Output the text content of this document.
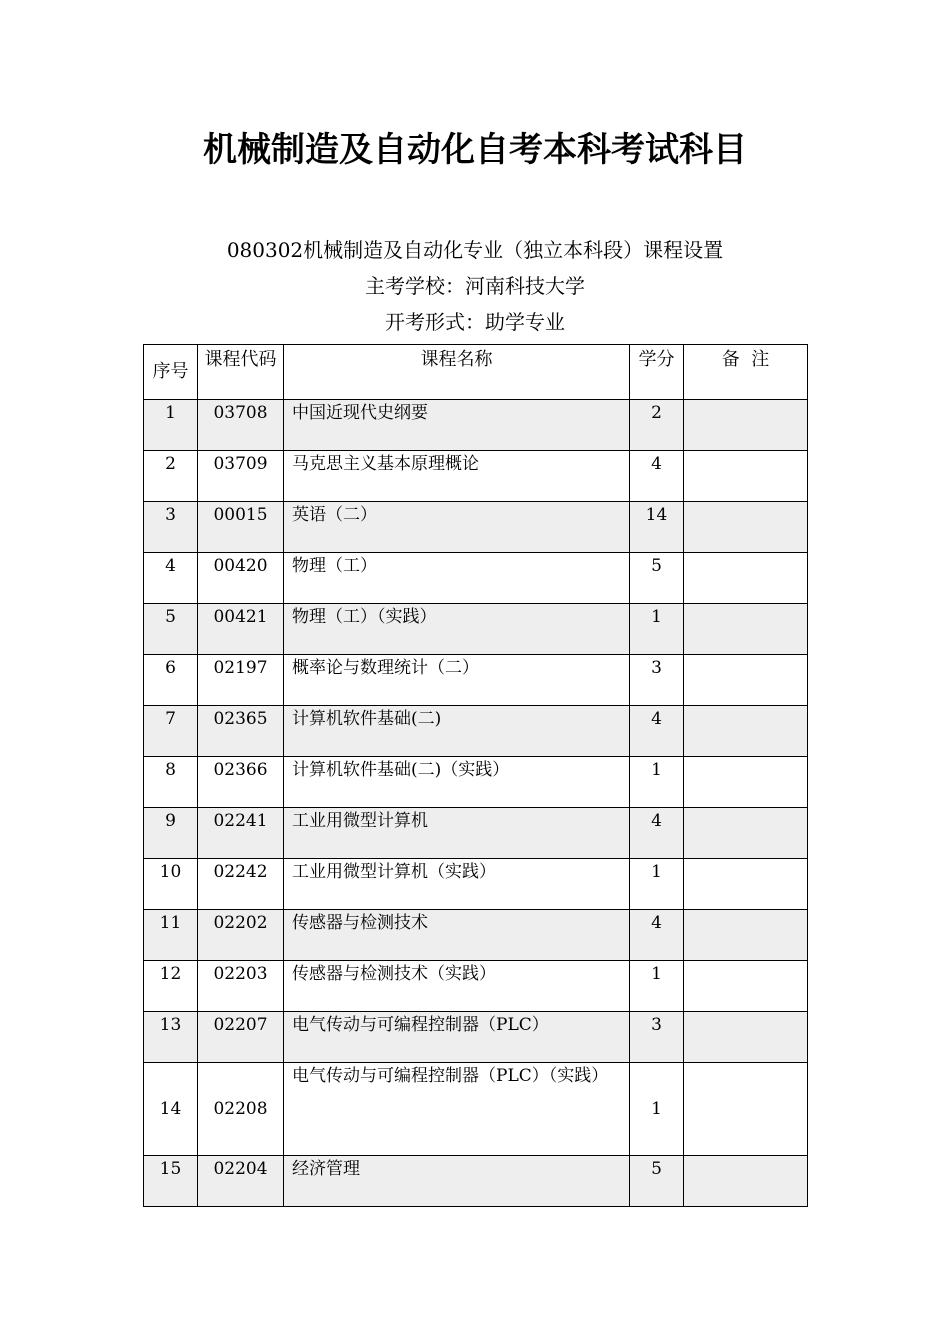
机械制造及自动化自考本科考试科目
080302机械制造及自动化专业（独立本科段）课程设置
主考学校：河南科技大学
开考形式：助学专业
序号	课程代码	课程名称	学分	备  注
1	03708	中国近现代史纲要	2	
2	03709	马克思主义基本原理概论	4	
3	00015	英语（二）	14	
4	00420	物理（工）	5	
5	00421	物理（工）（实践）	1	
6	02197	概率论与数理统计（二）	3	
7	02365	计算机软件基础(二)	4	
8	02366	计算机软件基础(二)（实践）	1	
9	02241	工业用微型计算机	4	
10	02242	工业用微型计算机（实践）	1	
11	02202	传感器与检测技术	4	
12	02203	传感器与检测技术（实践）	1	
13	02207	电气传动与可编程控制器（PLC）	3	
14	02208	电气传动与可编程控制器（PLC）（实践）	1	
15	02204	经济管理	5	
